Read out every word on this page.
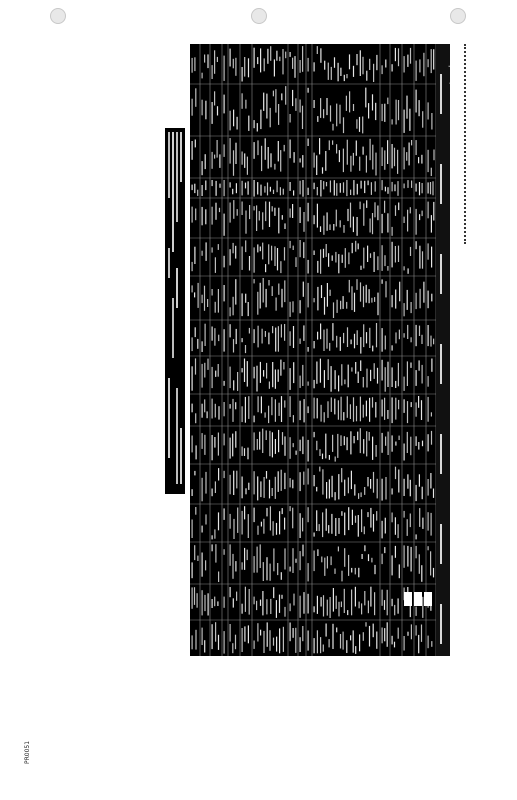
Sample ID/Lab
PR0051
